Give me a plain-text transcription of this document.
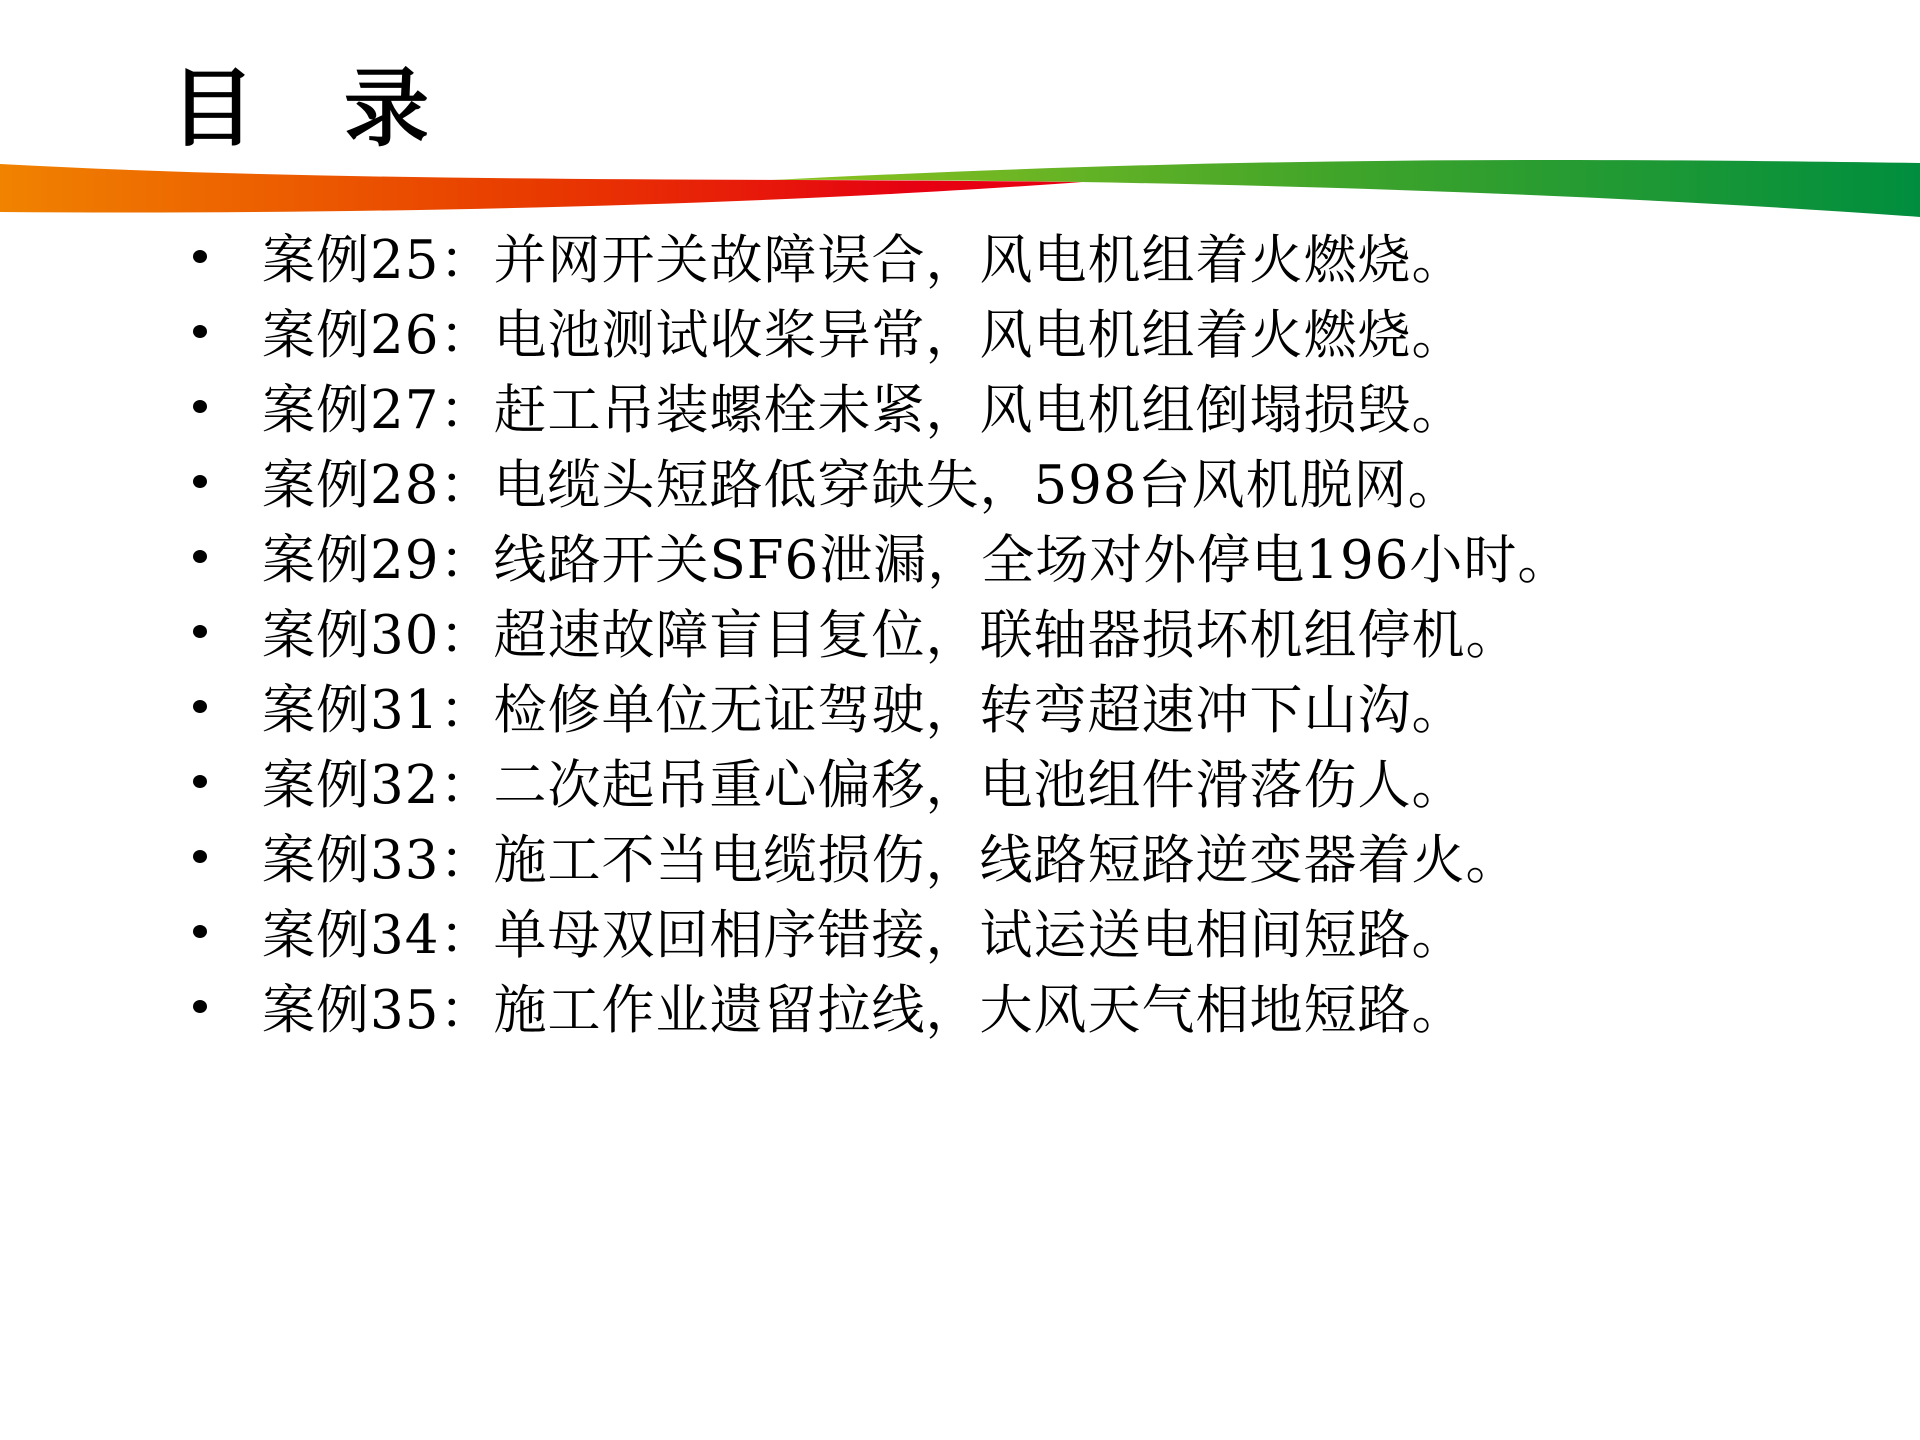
目　录
案例25：并网开关故障误合，风电机组着火燃烧。
案例26：电池测试收桨异常，风电机组着火燃烧。
案例27：赶工吊装螺栓未紧，风电机组倒塌损毁。
案例28：电缆头短路低穿缺失，598台风机脱网。
案例29：线路开关SF6泄漏，全场对外停电196小时。
案例30：超速故障盲目复位，联轴器损坏机组停机。
案例31：检修单位无证驾驶，转弯超速冲下山沟。
案例32：二次起吊重心偏移，电池组件滑落伤人。
案例33：施工不当电缆损伤，线路短路逆变器着火。
案例34：单母双回相序错接，试运送电相间短路。
案例35：施工作业遗留拉线，大风天气相地短路。
